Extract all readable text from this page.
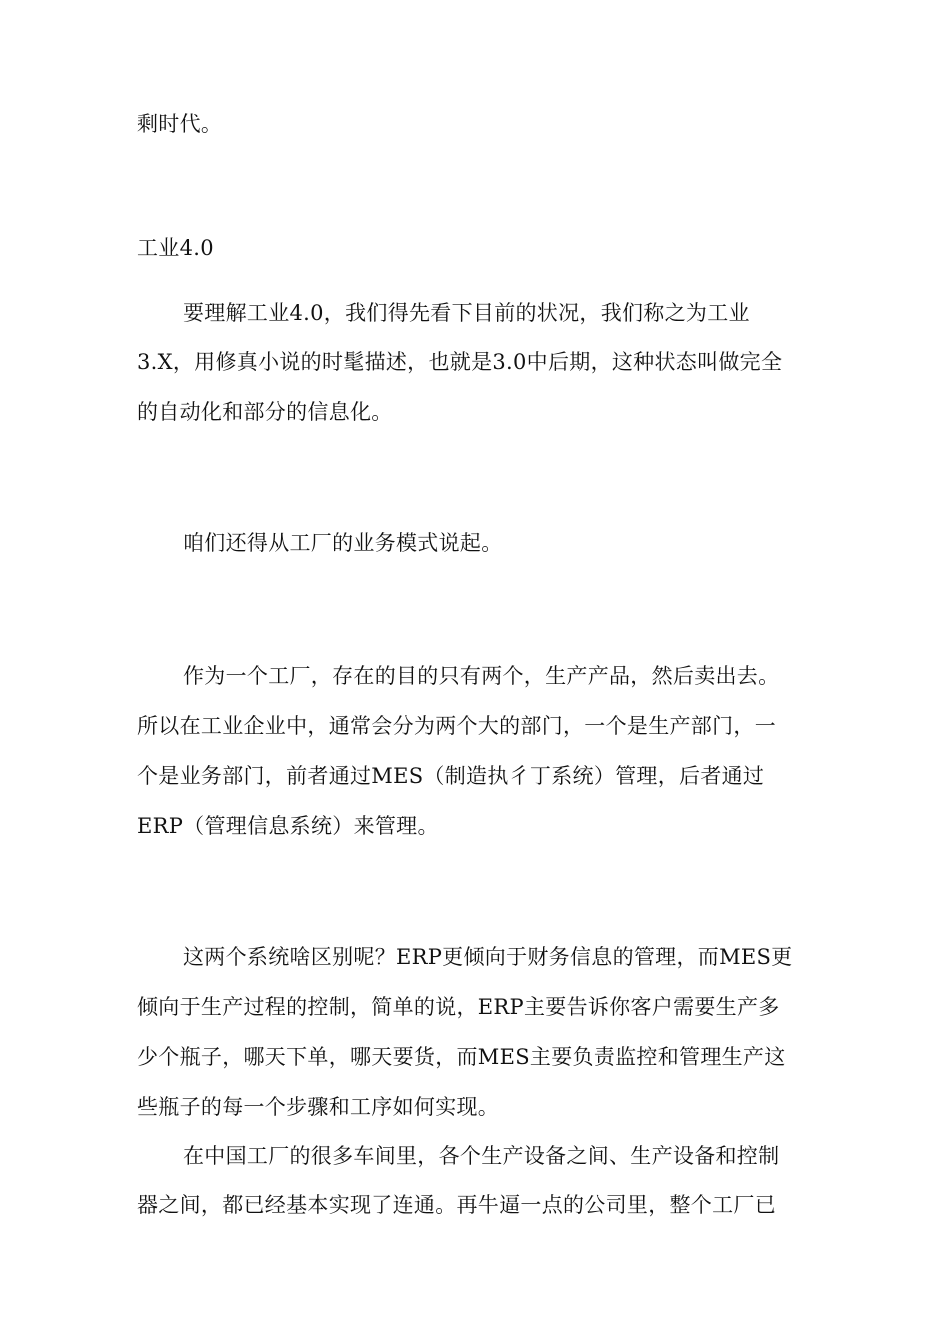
剩时代。
工业4.0
要理解工业4.0，我们得先看下目前的状况，我们称之为工业
3.X，用修真小说的时髦描述，也就是3.0中后期，这种状态叫做完全
的自动化和部分的信息化。
咱们还得从工厂的业务模式说起。
作为一个工厂，存在的目的只有两个，生产产品，然后卖出去。
所以在工业企业中，通常会分为两个大的部门，一个是生产部门，一
个是业务部门，前者通过MES（制造执彳丁系统）管理，后者通过
ERP（管理信息系统）来管理。
这两个系统啥区别呢？ERP更倾向于财务信息的管理，而MES更
倾向于生产过程的控制，简单的说，ERP主要告诉你客户需要生产多
少个瓶子，哪天下单，哪天要货，而MES主要负责监控和管理生产这
些瓶子的每一个步骤和工序如何实现。
在中国工厂的很多车间里，各个生产设备之间、生产设备和控制
器之间，都已经基本实现了连通。再牛逼一点的公司里，整个工厂已
